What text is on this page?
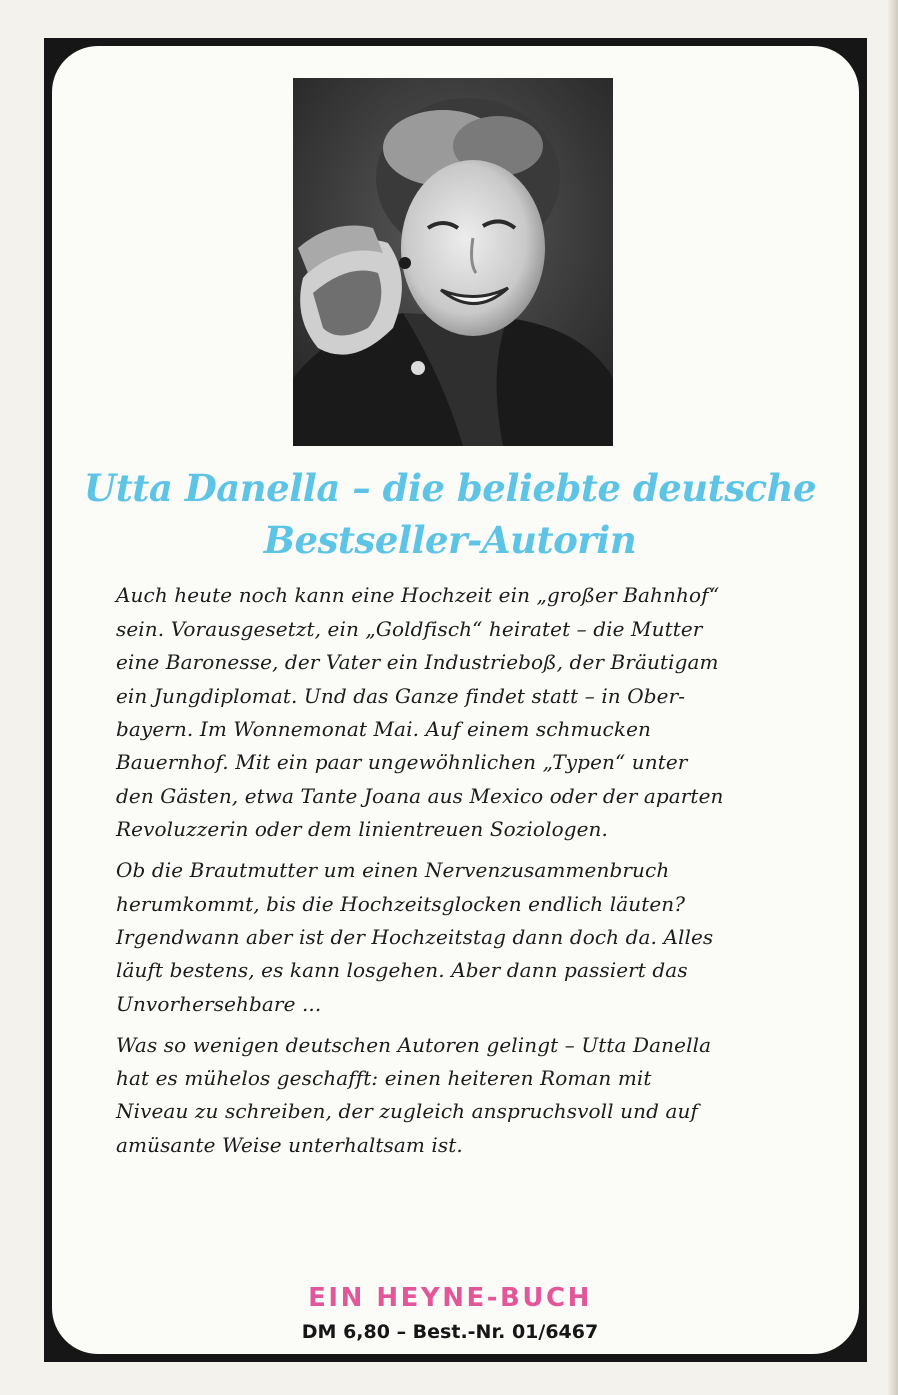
Utta Danella – die beliebte deutsche
Bestseller-Autorin

Auch heute noch kann eine Hochzeit ein „großer Bahnhof“

sein. Vorausgesetzt, ein „Goldfisch“ heiratet – die Mutter

eine Baronesse, der Vater ein Industrieboß, der Bräutigam

ein Jungdiplomat. Und das Ganze findet statt – in Ober-

bayern. Im Wonnemonat Mai. Auf einem schmucken

Bauernhof. Mit ein paar ungewöhnlichen „Typen“ unter

den Gästen, etwa Tante Joana aus Mexico oder der aparten

Revoluzzerin oder dem linientreuen Soziologen.

Ob die Brautmutter um einen Nervenzusammenbruch

herumkommt, bis die Hochzeitsglocken endlich läuten?

Irgendwann aber ist der Hochzeitstag dann doch da. Alles

läuft bestens, es kann losgehen. Aber dann passiert das

Unvorhersehbare ...

Was so wenigen deutschen Autoren gelingt – Utta Danella

hat es mühelos geschafft: einen heiteren Roman mit

Niveau zu schreiben, der zugleich anspruchsvoll und auf

amüsante Weise unterhaltsam ist.

EIN HEYNE-BUCH

DM 6,80 – Best.-Nr. 01/6467
